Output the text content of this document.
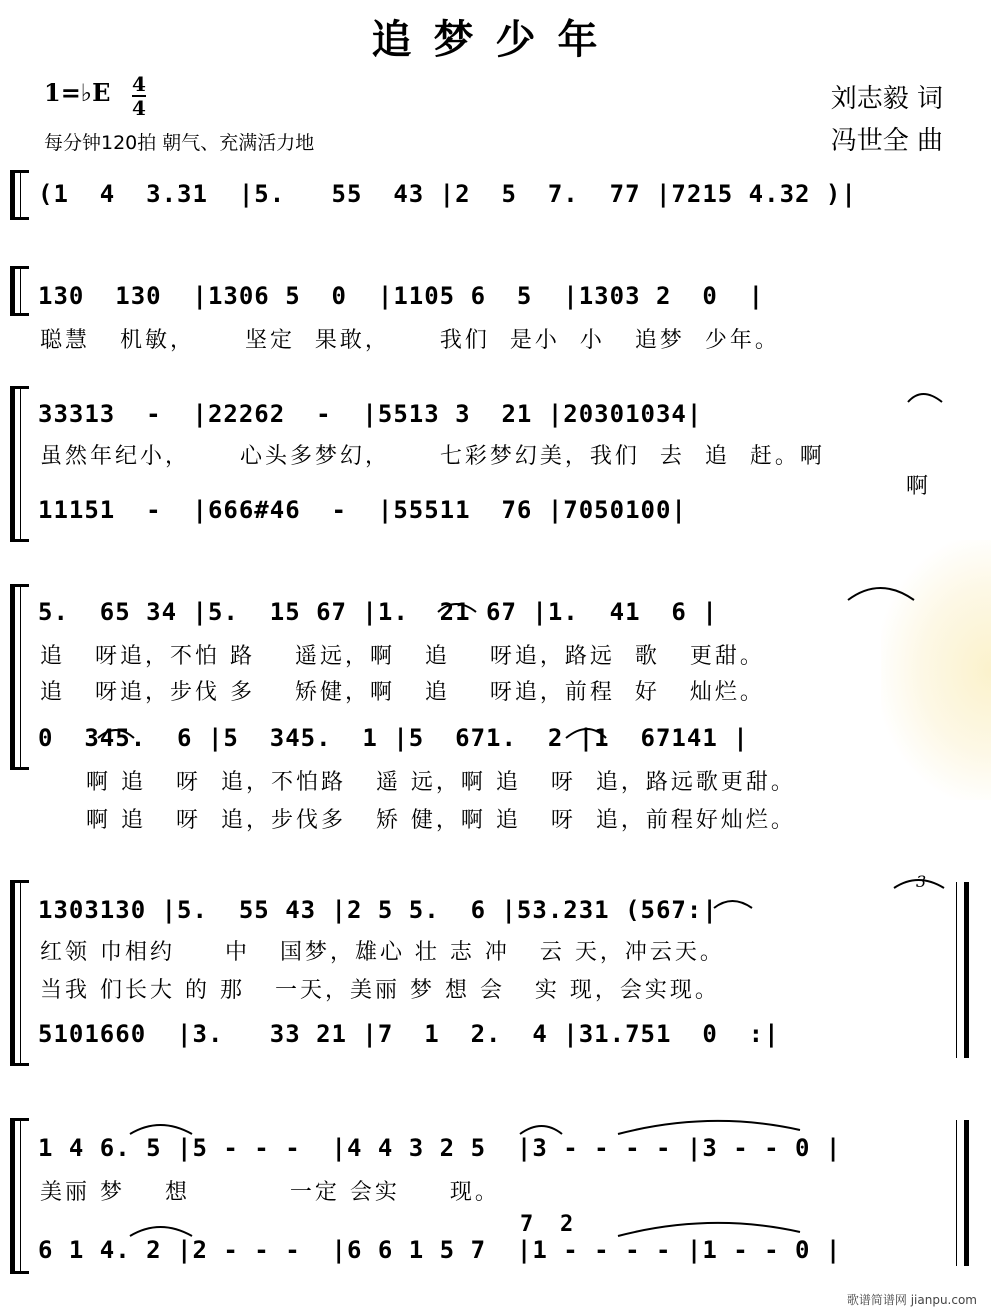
追梦少年
1=♭E 4
4
每分钟120拍 朝气、充满活力地
刘志毅 词
冯世全 曲
(1  4  3.31  |5.   55  43 |2  5  7.  77 |7215 4.32 )|
130  130  |1306 5  0  |1105 6  5  |1303 2  0  |
聪慧   机敏，     坚定  果敢，     我们  是小  小   追梦  少年。
33313  -  |22262  -  |5513 3  21 |20301034|
虽然年纪小，     心头多梦幻，     七彩梦幻美，我们  去  追  赶。啊
啊
11151  -  |666#46  -  |55511  76 |7050100|
5.  65 34 |5.  15 67 |1.  21 67 |1.  41  6 |
追   呀追，不怕 路    遥远，啊   追    呀追，路远  歌   更甜。
追   呀追，步伐 多    矫健，啊   追    呀追，前程  好   灿烂。
0  345.  6 |5  345.  1 |5  671.  2 |1  67141 |
啊 追   呀  追，不怕路   遥 远，啊 追   呀  追，路远歌更甜。
啊 追   呀  追，步伐多   矫 健，啊 追   呀  追，前程好灿烂。
1303130 |5.  55 43 |2 5 5.  6 |53.231 (567:|
3
红领 巾相约     中   国梦，雄心 壮 志 冲   云 天，冲云天。
当我 们长大 的 那   一天，美丽 梦 想 会   实 现，会实现。
5101660  |3.   33 21 |7  1  2.  4 |31.751  0  :|
1 4 6. 5 |5 - - -  |4 4 3 2 5  |3 - - - - |3 - - 0 |
美丽 梦    想          一定 会实     现。
7 2
6 1 4. 2 |2 - - -  |6 6 1 5 7  |1 - - - - |1 - - 0 |
歌谱简谱网 jianpu.com
